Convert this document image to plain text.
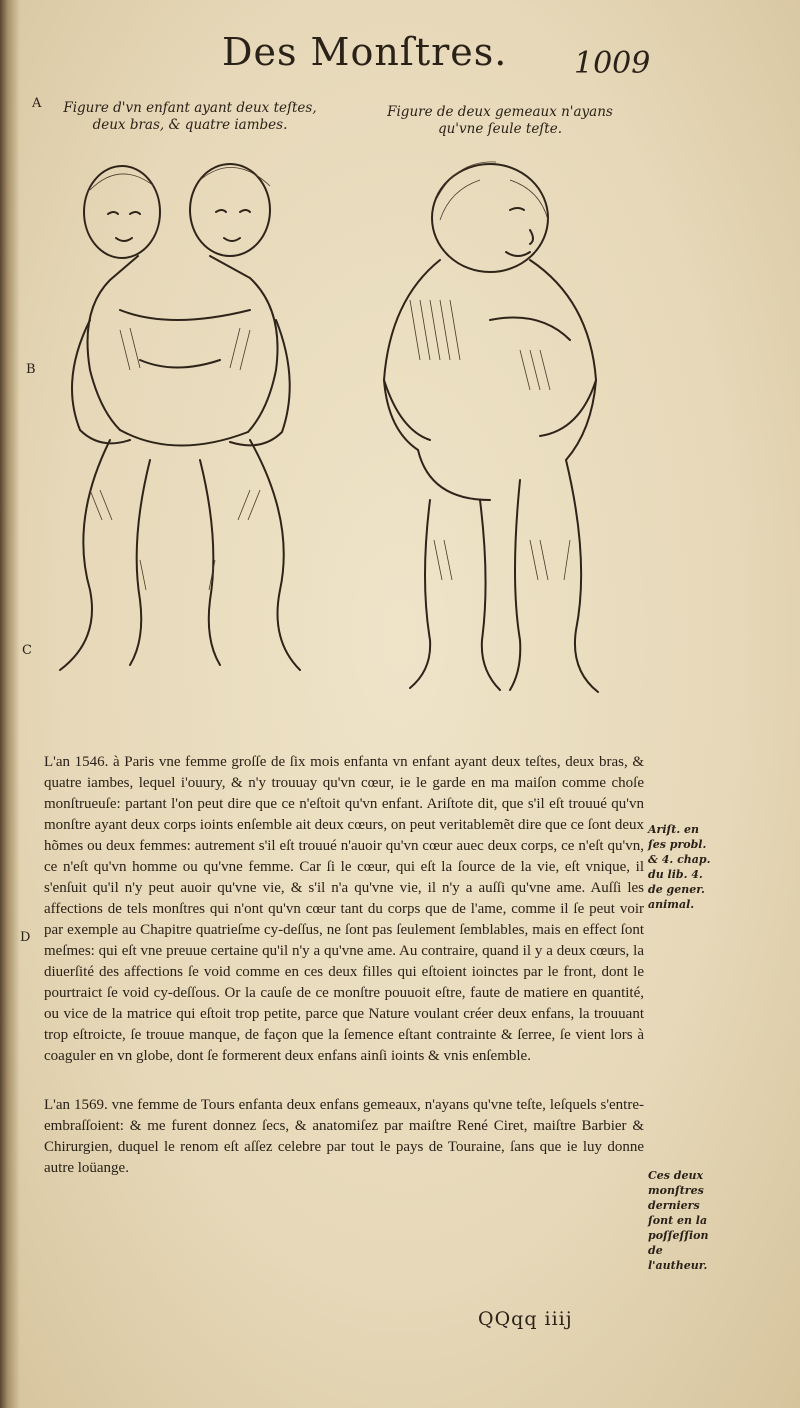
Des Monſtres. 1009
A
B
C
D
Figure d'vn enfant ayant deux teſtes, deux bras, & quatre iambes.
Figure de deux gemeaux n'ayans qu'vne ſeule teſte.

L'an 1546. à Paris vne femme groſſe de ſix mois enfanta vn enfant ayant deux teſtes, deux bras, & quatre iambes, lequel i'ouury, & n'y trouuay qu'vn cœur, ie le garde en ma maiſon comme choſe monſtrueuſe: partant l'on peut dire que ce n'eſtoit qu'vn enfant. Ariſtote dit, que s'il eſt trouué qu'vn monſtre ayant deux corps ioints enſemble ait deux cœurs, on peut veritablemẽt dire que ce ſont deux hõmes ou deux femmes: autrement s'il eſt trouué n'auoir qu'vn cœur auec deux corps, ce n'eſt qu'vn, ce n'eſt qu'vn homme ou qu'vne femme. Car ſi le cœur, qui eſt la ſource de la vie, eſt vnique, il s'enſuit qu'il n'y peut auoir qu'vne vie, & s'il n'a qu'vne vie, il n'y a auſſi qu'vne ame. Auſſi les affections de tels monſtres qui n'ont qu'vn cœur tant du corps que de l'ame, comme il ſe peut voir par exemple au Chapitre quatrieſme cy-deſſus, ne ſont pas ſeulement ſemblables, mais en effect ſont meſmes: qui eſt vne preuue certaine qu'il n'y a qu'vne ame. Au contraire, quand il y a deux cœurs, la diuerſité des affections ſe void comme en ces deux filles qui eſtoient ioinctes par le front, dont le pourtraict ſe void cy-deſſous. Or la cauſe de ce monſtre pouuoit eſtre, faute de matiere en quantité, ou vice de la matrice qui eſtoit trop petite, parce que Nature voulant créer deux enfans, la trouuant trop eſtroicte, ſe trouue manque, de façon que la ſemence eſtant contrainte & ſerree, ſe vient lors à coaguler en vn globe, dont ſe formerent deux enfans ainſi ioints & vnis enſemble.

L'an 1569. vne femme de Tours enfanta deux enfans gemeaux, n'ayans qu'vne teſte, leſquels s'entre-embraſſoient: & me furent donnez ſecs, & anatomiſez par maiſtre René Ciret, maiſtre Barbier & Chirurgien, duquel le renom eſt aſſez celebre par tout le pays de Touraine, ſans que ie luy donne autre loüange.

Ariſt. en ſes probl. & 4. chap. du lib. 4. de gener. animal.
Ces deux monſtres derniers ſont en la poſſeſſion de l'autheur.
QQqq iiij
